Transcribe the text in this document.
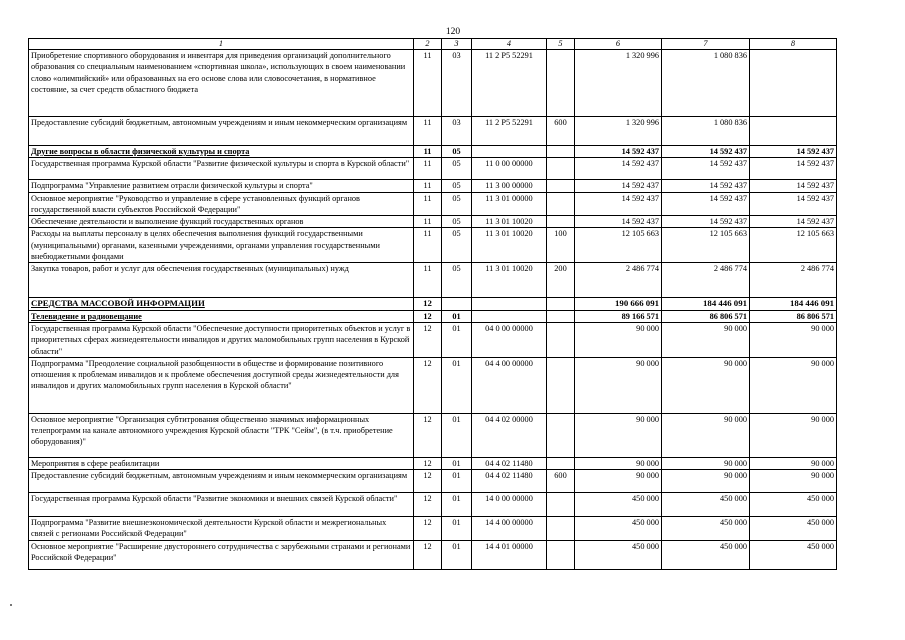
120
1	2	3	4	5	6	7	8
Приобретение спортивного оборудования и инвентаря для приведения организаций дополнительного образования со специальным наименованием «спортивная школа», использующих в своем наименовании слово «олимпийский» или образованных на его основе слова или словосочетания, в нормативное состояние, за счет средств областного бюджета	11	03	11 2 P5 52291		1 320 996	1 080 836	
Предоставление субсидий бюджетным, автономным учреждениям и иным некоммерческим организациям	11	03	11 2 P5 52291	600	1 320 996	1 080 836	
Другие вопросы в области физической культуры и спорта	11	05			14 592 437	14 592 437	14 592 437
Государственная программа Курской области "Развитие физической культуры и спорта в Курской области"	11	05	11 0 00 00000		14 592 437	14 592 437	14 592 437
Подпрограмма "Управление развитием отрасли физической культуры и спорта"	11	05	11 3 00 00000		14 592 437	14 592 437	14 592 437
Основное мероприятие "Руководство и управление в сфере установленных функций органов государственной власти субъектов Российской Федерации"	11	05	11 3 01 00000		14 592 437	14 592 437	14 592 437
Обеспечение деятельности и выполнение функций государственных органов	11	05	11 3 01 10020		14 592 437	14 592 437	14 592 437
Расходы на выплаты персоналу в целях обеспечения выполнения функций государственными (муниципальными) органами, казенными учреждениями, органами управления государственными внебюджетными фондами	11	05	11 3 01 10020	100	12 105 663	12 105 663	12 105 663
Закупка товаров, работ и услуг для обеспечения государственных (муниципальных) нужд	11	05	11 3 01 10020	200	2 486 774	2 486 774	2 486 774
СРЕДСТВА МАССОВОЙ ИНФОРМАЦИИ	12				190 666 091	184 446 091	184 446 091
Телевидение и радиовещание	12	01			89 166 571	86 806 571	86 806 571
Государственная программа Курской области "Обеспечение доступности приоритетных объектов и услуг в приоритетных сферах жизнедеятельности инвалидов и других маломобильных групп населения в Курской области"	12	01	04 0 00 00000		90 000	90 000	90 000
Подпрограмма "Преодоление социальной разобщенности в обществе и формирование позитивного отношения к проблемам инвалидов и к проблеме обеспечения доступной среды жизнедеятельности для инвалидов и других маломобильных групп населения в Курской области"	12	01	04 4 00 00000		90 000	90 000	90 000
Основное мероприятие "Организация субтитрования общественно значимых информационных телепрограмм на канале автономного учреждения Курской области "ТРК "Сейм", (в т.ч. приобретение оборудования)"	12	01	04 4 02 00000		90 000	90 000	90 000
Мероприятия в сфере реабилитации	12	01	04 4 02 11480		90 000	90 000	90 000
Предоставление субсидий бюджетным, автономным учреждениям и иным некоммерческим организациям	12	01	04 4 02 11480	600	90 000	90 000	90 000
Государственная программа Курской области "Развитие экономики и внешних связей Курской области"	12	01	14 0 00 00000		450 000	450 000	450 000
Подпрограмма "Развитие внешнеэкономической деятельности Курской области и межрегиональных связей с регионами Российской Федерации"	12	01	14 4 00 00000		450 000	450 000	450 000
Основное мероприятие "Расширение двустороннего сотрудничества с зарубежными странами и регионами Российской Федерации"	12	01	14 4 01 00000		450 000	450 000	450 000
